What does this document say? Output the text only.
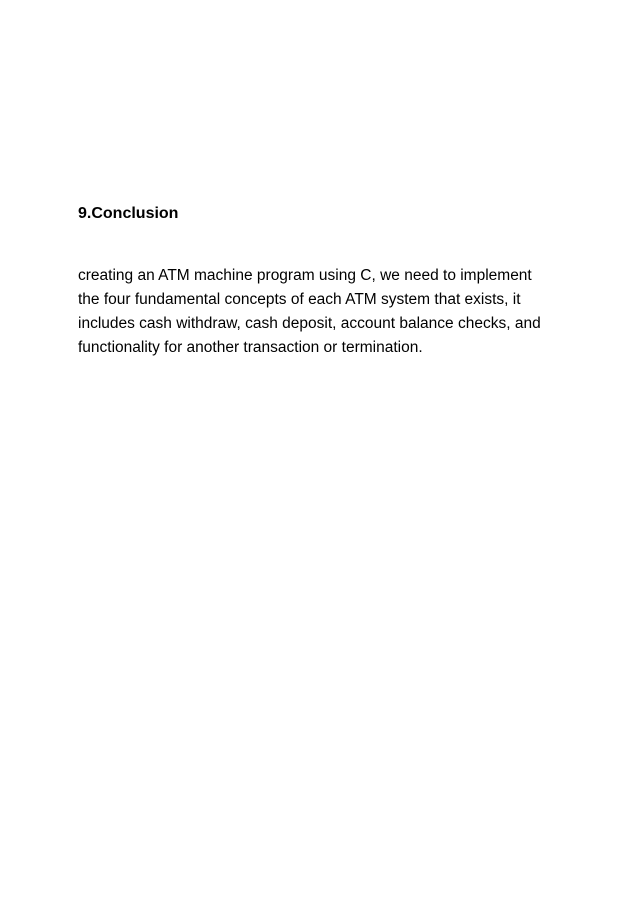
9.Conclusion

creating an ATM machine program using C, we need to implement
the four fundamental concepts of each ATM system that exists, it
includes cash withdraw, cash deposit, account balance checks, and
functionality for another transaction or termination.
